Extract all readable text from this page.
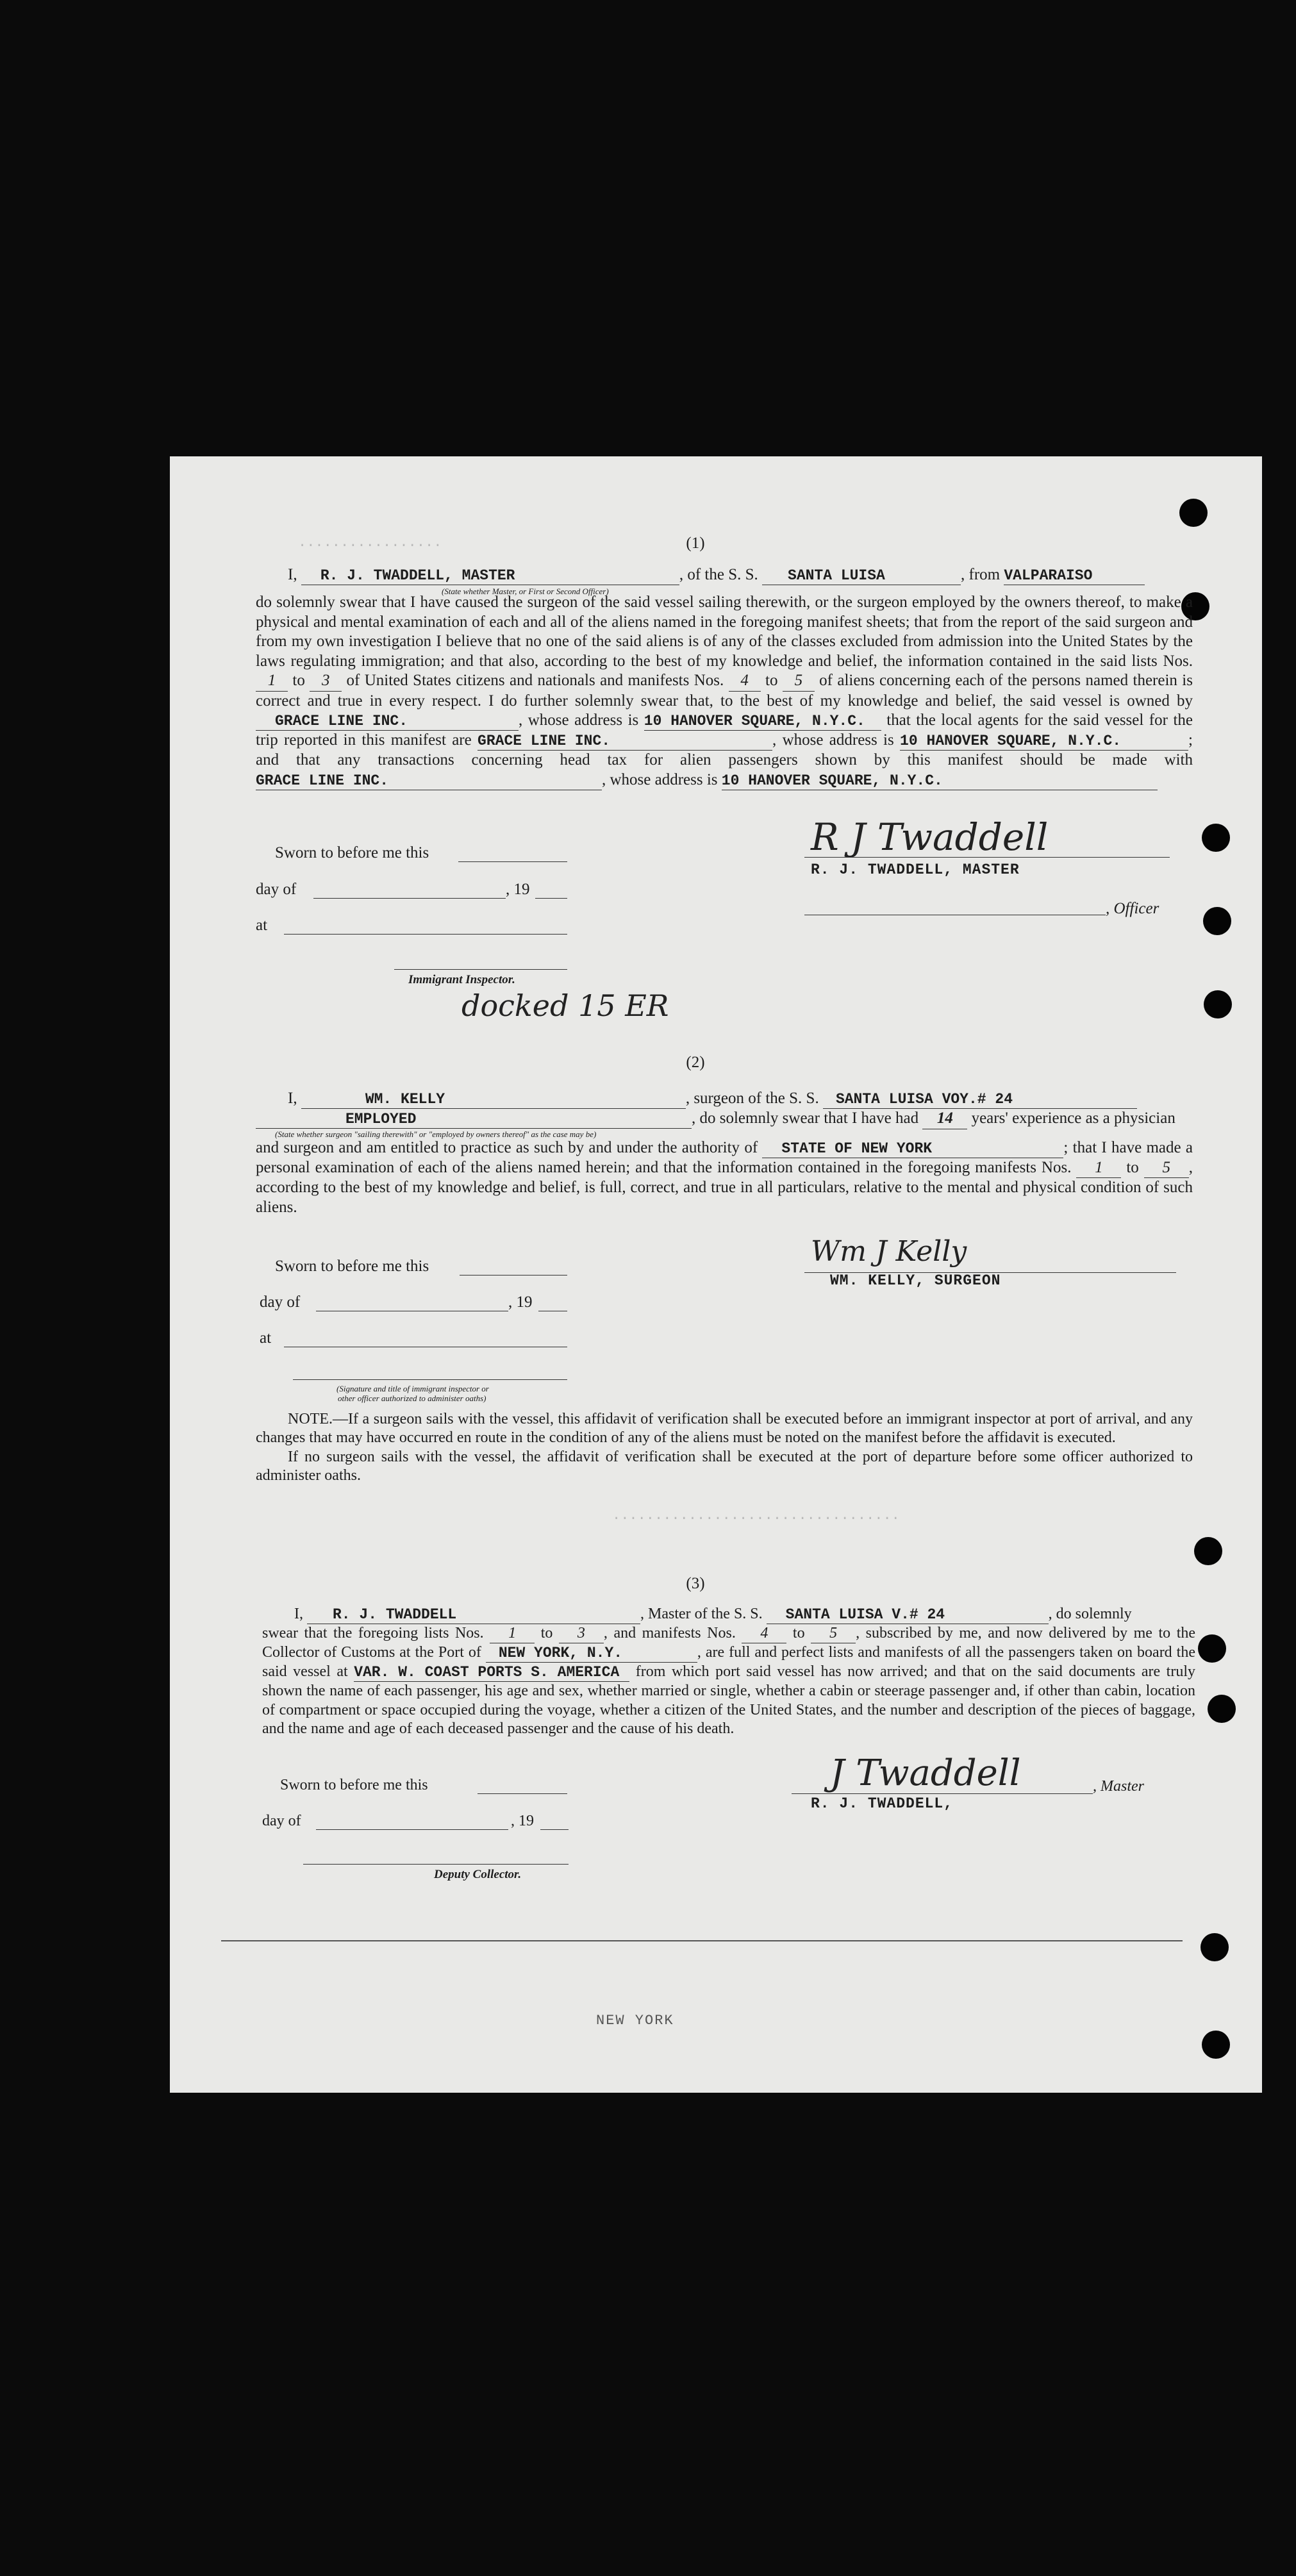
.................
..................................
(1)
I, R. J. TWADDELL, MASTER	, of the S. S. SANTA LUISA	, from VALPARAISO
(State whether Master, or First or Second Officer)
do solemnly swear that I have caused the surgeon of the said vessel sailing therewith, or the surgeon employed by the owners thereof, to make a physical and mental examination of each and all of the aliens named in the foregoing manifest sheets; that from the report of the said surgeon and from my own investigation I believe that no one of the said aliens is of any of the classes excluded from admission into the United States by the laws regulating immigration; and that also, according to the best of my knowledge and belief, the information contained in the said lists Nos. 1 to 3 of United States citizens and nationals and manifests Nos. 4 to 5 of aliens concerning each of the persons named therein is correct and true in every respect. I do further solemnly swear that, to the best of my knowledge and belief, the said vessel is owned by GRACE LINE INC.	, whose address is 10 HANOVER SQUARE, N.Y.C. that the local agents for the said vessel for the trip reported in this manifest are GRACE LINE INC.	, whose address is 10 HANOVER SQUARE, N.Y.C.	; and that any transactions concerning head tax for alien passengers shown by this manifest should be made with GRACE LINE INC.	, whose address is 10 HANOVER SQUARE, N.Y.C.
Sworn to before me this
day of	, 19
at
Immigrant Inspector.
R J Twaddell
R. J. TWADDELL, MASTER
, Officer
docked 15 ER
(2)
I,	WM. KELLY	, surgeon of the S. S. SANTA LUISA VOY.# 24
EMPLOYED	, do solemnly swear that I have had 14 years' experience as a physician
(State whether surgeon "sailing therewith" or "employed by owners thereof" as the case may be)
and surgeon and am entitled to practice as such by and under the authority of STATE OF NEW YORK	; that I have made a personal examination of each of the aliens named herein; and that the information contained in the foregoing manifests Nos. 1 to 5 , according to the best of my knowledge and belief, is full, correct, and true in all particulars, relative to the mental and physical condition of such aliens.
Sworn to before me this
day of	, 19
at
(Signature and title of immigrant inspector or
other officer authorized to administer oaths)
Wm J Kelly
WM. KELLY, SURGEON
NOTE.—If a surgeon sails with the vessel, this affidavit of verification shall be executed before an immigrant inspector at port of arrival, and any changes that may have occurred en route in the condition of any of the aliens must be noted on the manifest before the affidavit is executed.
If no surgeon sails with the vessel, the affidavit of verification shall be executed at the port of departure before some officer authorized to administer oaths.
(3)
I, R. J. TWADDELL	, Master of the S. S. SANTA LUISA V.# 24	, do solemnly
swear that the foregoing lists Nos. 1 to 3 , and manifests Nos. 4 to 5 , subscribed by me, and now delivered by me to the Collector of Customs at the Port of NEW YORK, N.Y.	, are full and perfect lists and manifests of all the passengers taken on board the said vessel at VAR. W. COAST PORTS S. AMERICA from which port said vessel has now arrived; and that on the said documents are truly shown the name of each passenger, his age and sex, whether married or single, whether a cabin or steerage passenger and, if other than cabin, location of compartment or space occupied during the voyage, whether a citizen of the United States, and the number and description of the pieces of baggage, and the name and age of each deceased passenger and the cause of his death.
Sworn to before me this
day of	, 19
Deputy Collector.
J Twaddell	, Master
R. J. TWADDELL,
NEW YORK
